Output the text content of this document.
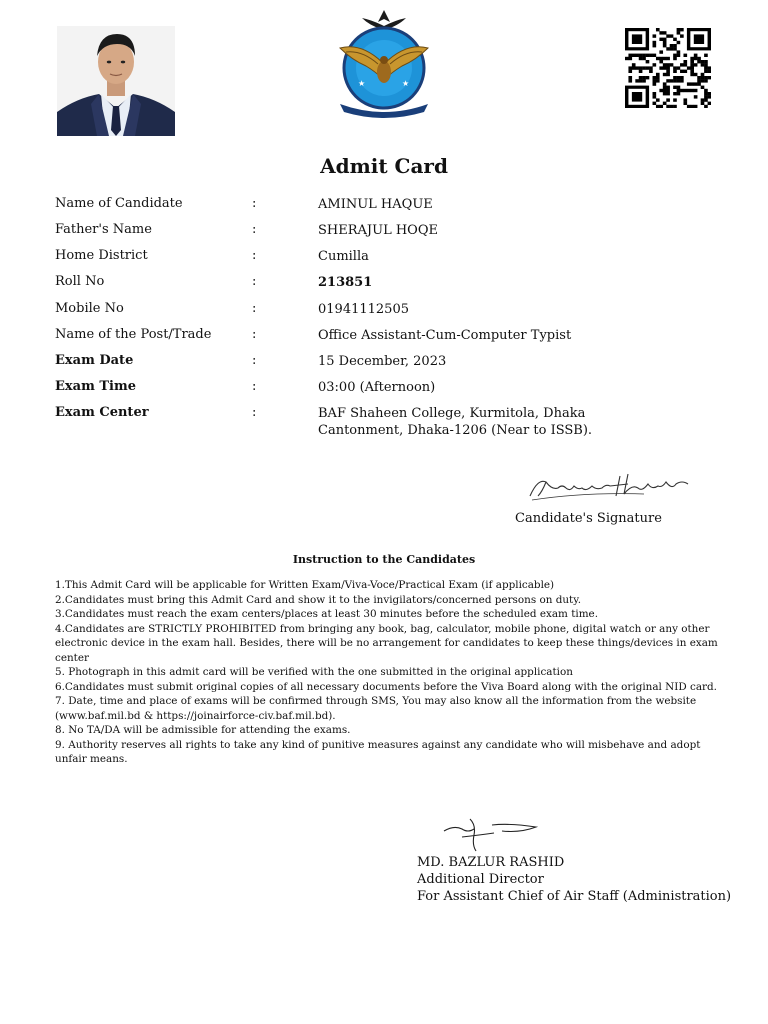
★	★
Admit Card
Name of Candidate	:	AMINUL HAQUE
Father's Name	:	SHERAJUL HOQE
Home District	:	Cumilla
Roll No	:	213851
Mobile No	:	01941112505
Name of the Post/Trade	:	Office Assistant-Cum-Computer Typist
Exam Date	:	15 December, 2023
Exam Time	:	03:00 (Afternoon)
Exam Center	:	BAF Shaheen College, Kurmitola, Dhaka
Cantonment, Dhaka-1206 (Near to ISSB).
Candidate's Signature
Instruction to the Candidates
1.This Admit Card will be applicable for Written Exam/Viva-Voce/Practical Exam (if applicable)
2.Candidates must bring this Admit Card and show it to the invigilators/concerned persons on duty.
3.Candidates must reach the exam centers/places at least 30 minutes before the scheduled exam time.
4.Candidates are STRICTLY PROHIBITED from bringing any book, bag, calculator, mobile phone, digital watch or any other electronic device in the exam hall. Besides, there will be no arrangement for candidates to keep these things/devices in exam center
5. Photograph in this admit card will be verified with the one submitted in the original application
6.Candidates must submit original copies of all necessary documents before the Viva Board along with the original NID card.
7. Date, time and place of exams will be confirmed through SMS, You may also know all the information from the website (www.baf.mil.bd & https://joinairforce-civ.baf.mil.bd).
8. No TA/DA will be admissible for attending the exams.
9. Authority reserves all rights to take any kind of punitive measures against any candidate who will misbehave and adopt unfair means.
MD. BAZLUR RASHID
Additional Director
For Assistant Chief of Air Staff (Administration)
